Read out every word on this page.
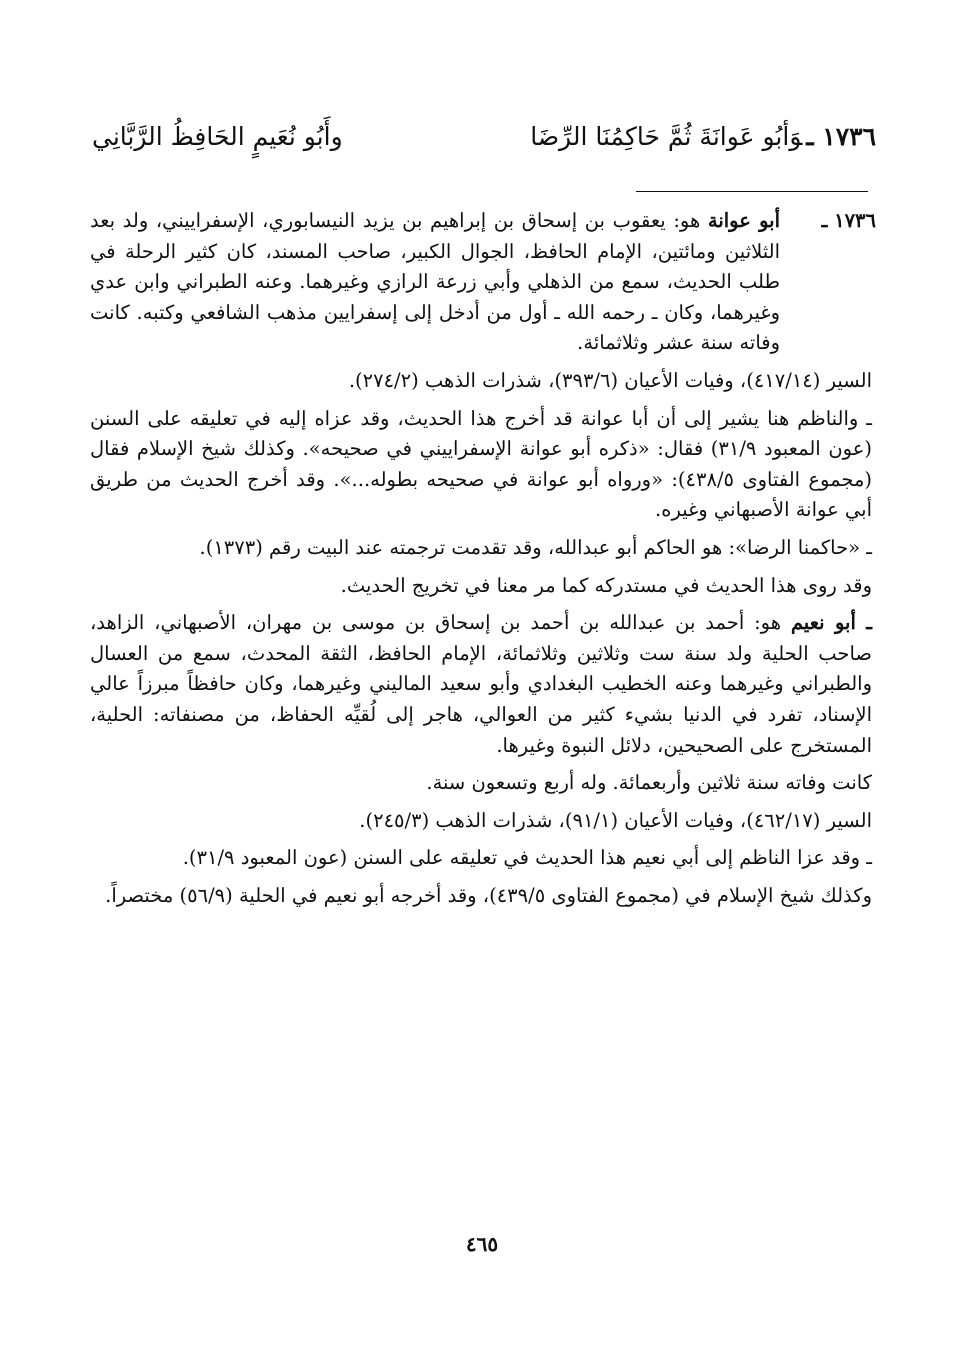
١٧٣٦ ـوَأبُو عَوانَةَ ثُمَّ حَاكِمُنَا الرِّضَا
وأَبُو نُعَيمٍ الحَافِظُ الرَّبَّانِي
١٧٣٦ ـ

أبو عوانة هو: يعقوب بن إسحاق بن إبراهيم بن يزيد النيسابوري، الإسفراييني، ولد بعد الثلاثين ومائتين، الإمام الحافظ، الجوال الكبير، صاحب المسند، كان كثير الرحلة في طلب الحديث، سمع من الذهلي وأبي زرعة الرازي وغيرهما. وعنه الطبراني وابن عدي وغيرهما، وكان ـ رحمه الله ـ أول من أدخل إلى إسفرايين مذهب الشافعي وكتبه. كانت وفاته سنة عشر وثلاثمائة.

السير (٤١٧/١٤)، وفيات الأعيان (٣٩٣/٦)، شذرات الذهب (٢٧٤/٢).

ـ والناظم هنا يشير إلى أن أبا عوانة قد أخرج هذا الحديث، وقد عزاه إليه في تعليقه على السنن (عون المعبود ٣١/٩) فقال: «ذكره أبو عوانة الإسفراييني في صحيحه». وكذلك شيخ الإسلام فقال (مجموع الفتاوى ٤٣٨/٥): «ورواه أبو عوانة في صحيحه بطوله...». وقد أخرج الحديث من طريق أبي عوانة الأصبهاني وغيره.

ـ «حاكمنا الرضا»: هو الحاكم أبو عبدالله، وقد تقدمت ترجمته عند البيت رقم (١٣٧٣).

وقد روى هذا الحديث في مستدركه كما مر معنا في تخريج الحديث.

ـ أبو نعيم هو: أحمد بن عبدالله بن أحمد بن إسحاق بن موسى بن مهران، الأصبهاني، الزاهد، صاحب الحلية ولد سنة ست وثلاثين وثلاثمائة، الإمام الحافظ، الثقة المحدث، سمع من العسال والطبراني وغيرهما وعنه الخطيب البغدادي وأبو سعيد الماليني وغيرهما، وكان حافظاً مبرزاً عالي الإسناد، تفرد في الدنيا بشيء كثير من العوالي، هاجر إلى لُقيِّه الحفاظ، من مصنفاته: الحلية، المستخرج على الصحيحين، دلائل النبوة وغيرها.

كانت وفاته سنة ثلاثين وأربعمائة. وله أربع وتسعون سنة.

السير (٤٦٢/١٧)، وفيات الأعيان (٩١/١)، شذرات الذهب (٢٤٥/٣).

ـ وقد عزا الناظم إلى أبي نعيم هذا الحديث في تعليقه على السنن (عون المعبود ٣١/٩).

وكذلك شيخ الإسلام في (مجموع الفتاوى ٤٣٩/٥)، وقد أخرجه أبو نعيم في الحلية (٥٦/٩) مختصراً.

٤٦٥
